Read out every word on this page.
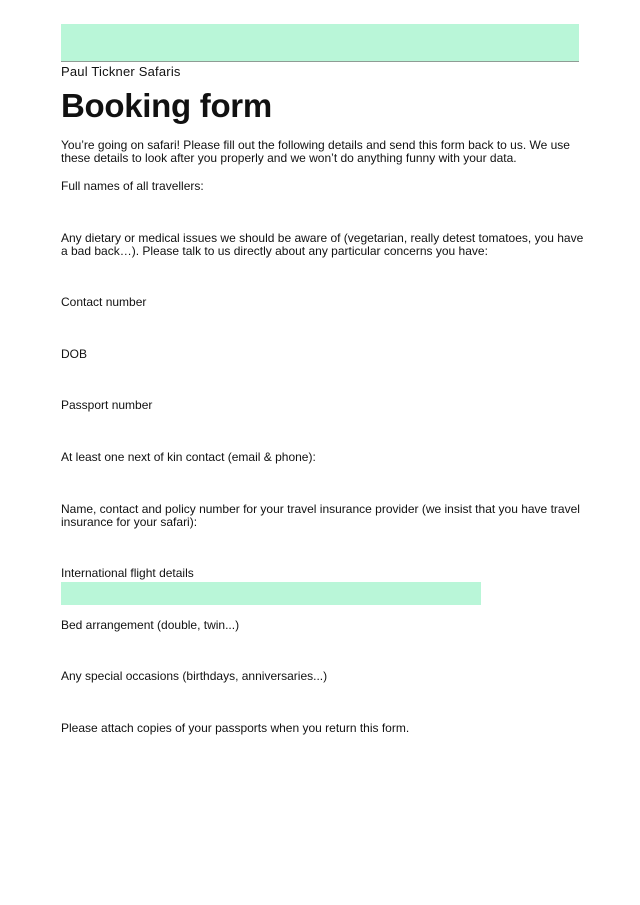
Paul Tickner Safaris
Booking form

You’re going on safari! Please fill out the following details and send this form back to us. We use these details to look after you properly and we won’t do anything funny with your data.

Full names of all travellers:

Any dietary or medical issues we should be aware of (vegetarian, really detest tomatoes, you have a bad back…). Please talk to us directly about any particular concerns you have:

Contact number

DOB

Passport number

At least one next of kin contact (email & phone):

Name, contact and policy number for your travel insurance provider (we insist that you have travel insurance for your safari):

International flight details

Bed arrangement (double, twin...)

Any special occasions (birthdays, anniversaries...)

Please attach copies of your passports when you return this form.
